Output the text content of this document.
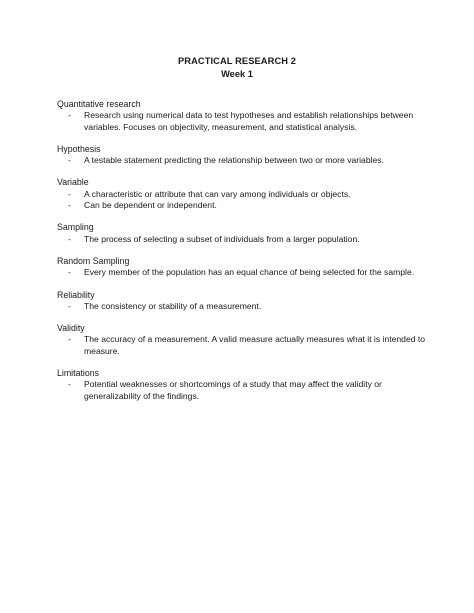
PRACTICAL RESEARCH 2
Week 1
Quantitative research
- Research using numerical data to test hypotheses and establish relationships between variables. Focuses on objectivity, measurement, and statistical analysis.
Hypothesis
- A testable statement predicting the relationship between two or more variables.
Variable
- A characteristic or attribute that can vary among individuals or objects.
- Can be dependent or independent.
Sampling
- The process of selecting a subset of individuals from a larger population.
Random Sampling
- Every member of the population has an equal chance of being selected for the sample.
Reliability
- The consistency or stability of a measurement.
Validity
- The accuracy of a measurement. A valid measure actually measures what it is intended to measure.
Limitations
- Potential weaknesses or shortcomings of a study that may affect the validity or generalizability of the findings.
